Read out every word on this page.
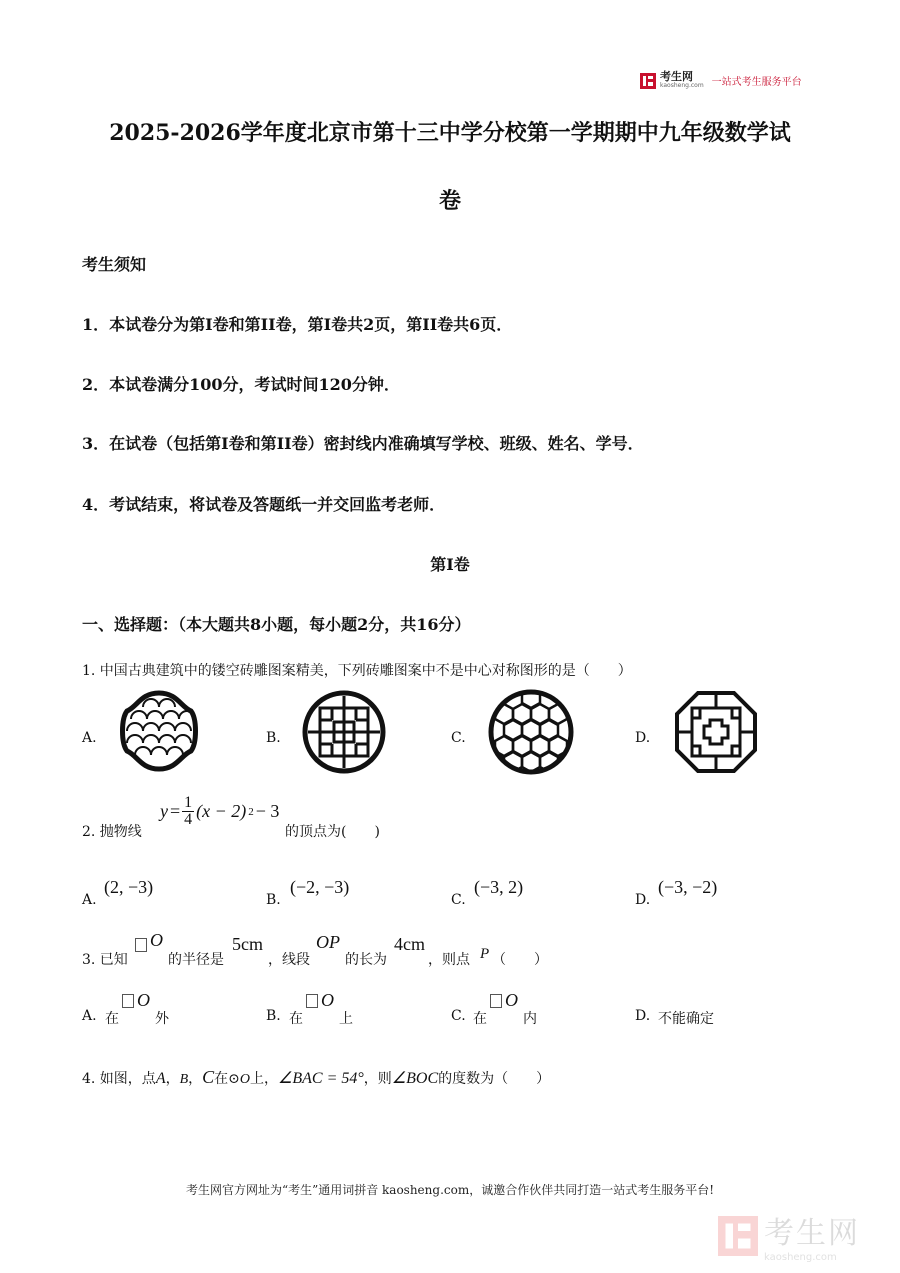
考生网
kaosheng.com 一站式考生服务平台
2025-2026学年度北京市第十三中学分校第一学期期中九年级数学试
卷
考生须知
1．本试卷分为第I卷和第II卷，第I卷共2页，第II卷共6页．
2．本试卷满分100分，考试时间120分钟．
3．在试卷（包括第I卷和第II卷）密封线内准确填写学校、班级、姓名、学号．
4．考试结束，将试卷及答题纸一并交回监考老师．
第I卷
一、选择题：（本大题共8小题，每小题2分，共16分）
1. 中国古典建筑中的镂空砖雕图案精美，下列砖雕图案中不是中心对称图形的是（　　）
A.	B.	C.	D.
2. 抛物线
$y = \frac{1}{4} (x - 2) 2 - 3$
的顶点为(　　)
A.
(2, −3)
B.
(−2, −3)
C.
(−3, 2)
D.
(−3, −2)
3. 已知
O
的半径是
5cm
，线段
OP
的长为
4cm
，则点 P （　　）
A. 在
O
外	B. 在
O
上	C. 在
O
内	D. 不能确定
4. 如图，点 A ， B ， C 在⊙ O 上， ∠BAC = 54° ，则 ∠BOC 的度数为（　　）
考生网官方网址为“考生”通用词拼音 kaosheng.com，诚邀合作伙伴共同打造一站式考生服务平台!
考生网
kaosheng.com
